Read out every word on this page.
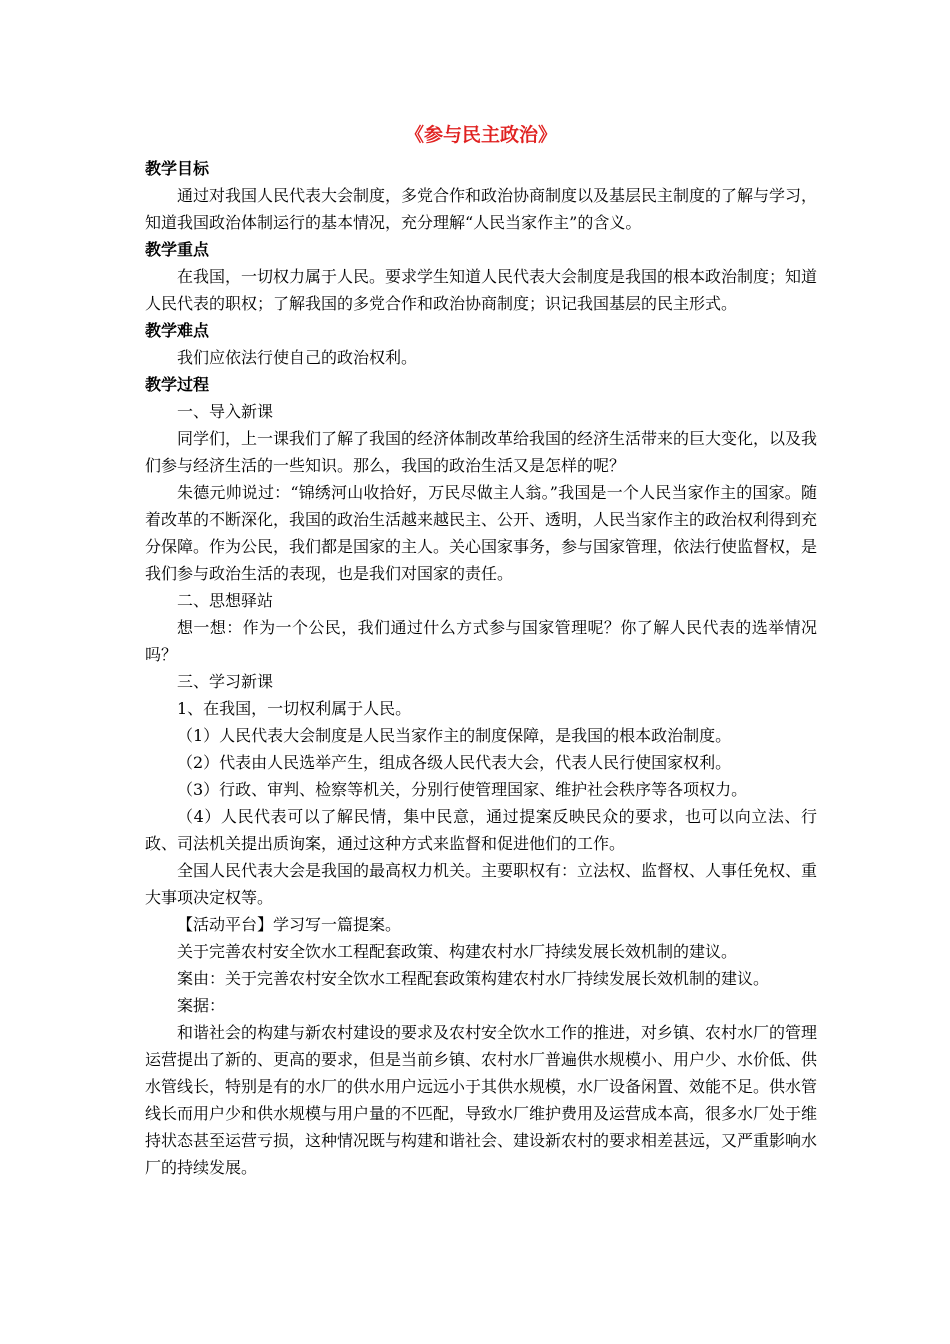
《参与民主政治》
教学目标

通过对我国人民代表大会制度，多党合作和政治协商制度以及基层民主制度的了解与学习，知道我国政治体制运行的基本情况，充分理解“人民当家作主”的含义。

教学重点

在我国，一切权力属于人民。要求学生知道人民代表大会制度是我国的根本政治制度；知道人民代表的职权；了解我国的多党合作和政治协商制度；识记我国基层的民主形式。

教学难点

我们应依法行使自己的政治权利。

教学过程

一、导入新课

同学们，上一课我们了解了我国的经济体制改革给我国的经济生活带来的巨大变化，以及我们参与经济生活的一些知识。那么，我国的政治生活又是怎样的呢？

朱德元帅说过：“锦绣河山收拾好，万民尽做主人翁。”我国是一个人民当家作主的国家。随着改革的不断深化，我国的政治生活越来越民主、公开、透明，人民当家作主的政治权利得到充分保障。作为公民，我们都是国家的主人。关心国家事务，参与国家管理，依法行使监督权，是我们参与政治生活的表现，也是我们对国家的责任。

二、思想驿站

想一想：作为一个公民，我们通过什么方式参与国家管理呢？你了解人民代表的选举情况吗？

三、学习新课

1、在我国，一切权利属于人民。

（1）人民代表大会制度是人民当家作主的制度保障，是我国的根本政治制度。

（2）代表由人民选举产生，组成各级人民代表大会，代表人民行使国家权利。

（3）行政、审判、检察等机关，分别行使管理国家、维护社会秩序等各项权力。

（4）人民代表可以了解民情，集中民意，通过提案反映民众的要求，也可以向立法、行政、司法机关提出质询案，通过这种方式来监督和促进他们的工作。

全国人民代表大会是我国的最高权力机关。主要职权有：立法权、监督权、人事任免权、重大事项决定权等。

【活动平台】学习写一篇提案。

关于完善农村安全饮水工程配套政策、构建农村水厂持续发展长效机制的建议。

案由：关于完善农村安全饮水工程配套政策构建农村水厂持续发展长效机制的建议。

案据：

和谐社会的构建与新农村建设的要求及农村安全饮水工作的推进，对乡镇、农村水厂的管理运营提出了新的、更高的要求，但是当前乡镇、农村水厂普遍供水规模小、用户少、水价低、供水管线长，特别是有的水厂的供水用户远远小于其供水规模，水厂设备闲置、效能不足。供水管线长而用户少和供水规模与用户量的不匹配，导致水厂维护费用及运营成本高，很多水厂处于维持状态甚至运营亏损，这种情况既与构建和谐社会、建设新农村的要求相差甚远，又严重影响水厂的持续发展。
